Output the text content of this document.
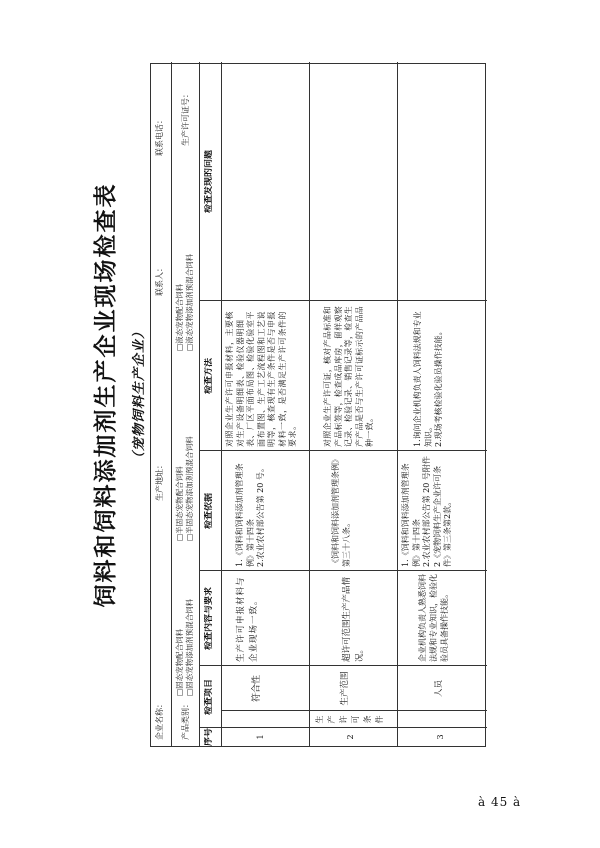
饲料和饲料添加剂生产企业现场检查表	（宠物饲料生产企业）
企业名称：
生产地址：
联系人：
联系电话：
产品类别：
□固态宠物配合饲料 □固态宠物添加剂预混合饲料
□半固态宠物配合饲料 □半固态宠物添加剂预混合饲料
□液态宠物配合饲料 □液态宠物添加剂预混合饲料
生产许可证号：
序号
检查项目
检查内容与要求
检查依据
检查方法
检查发现的问题
生产许可条件
1
符合性
生产许可申报材料与企业现场一致。
1.《饲料和饲料添加剂管理条例》第十四条
2.农业农村部公告第 20 号。
对照企业生产许可申报材料，主要核对生产设备明细表、检验仪器明细表、厂区平面布局图、检验化验室平面布置图、生产工艺流程图和工艺说明等，核查现有生产条件是否与申报材料一致，是否满足生产许可条件的要求。
2
生产范围
超许可范围生产产品情况。
《饲料和饲料添加剂管理条例》第三十八条。
对照企业生产许可证，核对产品标准和产品标签等，检查成品库房，留样观察记录、检验记录、销售记录等，检查生产产品是否与生产许可证标示的产品品种一致。
3
人员
企业机构负责人熟悉饲料法规和专业知识，检验化验员具备操作技能。
1.《饲料和饲料添加剂管理条例》第十四条
2.农业农村部公告第 20 号附件 2《宠物饲料生产企业许可条件》第三条第2款。
1.询问企业机构负责人饲料法规和专业知识。
2.现场考核检验化验员操作技能。
à 45 à
